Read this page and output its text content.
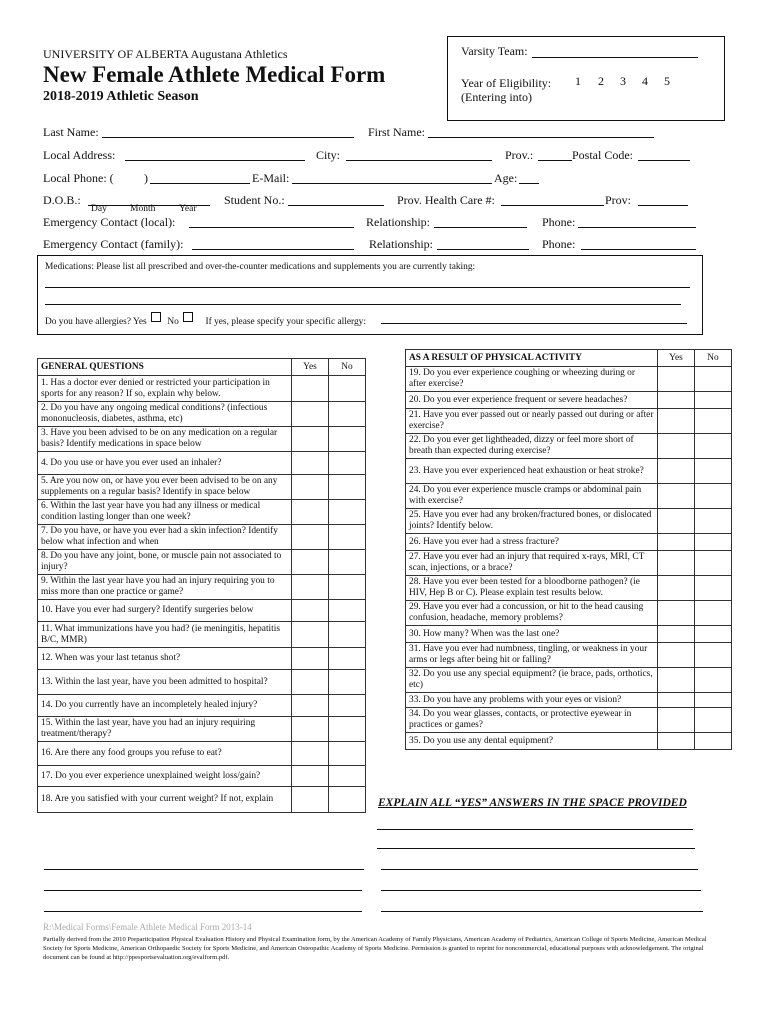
UNIVERSITY OF ALBERTA Augustana Athletics
New Female Athlete Medical Form
2018-2019 Athletic Season
Varsity Team:
Year of Eligibility: 1 2 3 4 5
(Entering into)
Last Name:	First Name:
Local Address:	City:	Prov.:	Postal Code:
Local Phone: (	)	E-Mail:	Age:
D.O.B.:
Day Month Year
Student No.:	Prov. Health Care #:	Prov:
Emergency Contact (local):	Relationship:	Phone:
Emergency Contact (family):	Relationship:	Phone:
Medications: Please list all prescribed and over-the-counter medications and supplements you are currently taking:
Do you have allergies? Yes No	If yes, please specify your specific allergy:
GENERAL QUESTIONS	Yes	No
1. Has a doctor ever denied or restricted your participation in sports for any reason? If so, explain why below.		
2. Do you have any ongoing medical conditions? (infectious mononucleosis, diabetes, asthma, etc)		
3. Have you been advised to be on any medication on a regular basis? Identify medications in space below		
4. Do you use or have you ever used an inhaler?		
5. Are you now on, or have you ever been advised to be on any supplements on a regular basis? Identify in space below		
6. Within the last year have you had any illness or medical condition lasting longer than one week?		
7. Do you have, or have you ever had a skin infection? Identify below what infection and when		
8. Do you have any joint, bone, or muscle pain not associated to injury?		
9. Within the last year have you had an injury requiring you to miss more than one practice or game?		
10. Have you ever had surgery? Identify surgeries below		
11. What immunizations have you had? (ie meningitis, hepatitis B/C, MMR)		
12. When was your last tetanus shot?		
13. Within the last year, have you been admitted to hospital?		
14. Do you currently have an incompletely healed injury?		
15. Within the last year, have you had an injury requiring treatment/therapy?		
16. Are there any food groups you refuse to eat?		
17. Do you ever experience unexplained weight loss/gain?		
18. Are you satisfied with your current weight? If not, explain		
AS A RESULT OF PHYSICAL ACTIVITY	Yes	No
19. Do you ever experience coughing or wheezing during or after exercise?		
20. Do you ever experience frequent or severe headaches?		
21. Have you ever passed out or nearly passed out during or after exercise?		
22. Do you ever get lightheaded, dizzy or feel more short of breath than expected during exercise?		
23. Have you ever experienced heat exhaustion or heat stroke?		
24. Do you ever experience muscle cramps or abdominal pain with exercise?		
25. Have you ever had any broken/fractured bones, or dislocated joints? Identify below.		
26. Have you ever had a stress fracture?		
27. Have you ever had an injury that required x-rays, MRI, CT scan, injections, or a brace?		
28. Have you ever been tested for a bloodborne pathogen? (ie HIV, Hep B or C). Please explain test results below.		
29. Have you ever had a concussion, or hit to the head causing confusion, headache, memory problems?		
30. How many? When was the last one?		
31. Have you ever had numbness, tingling, or weakness in your arms or legs after being hit or falling?		
32. Do you use any special equipment? (ie brace, pads, orthotics, etc)		
33. Do you have any problems with your eyes or vision?		
34. Do you wear glasses, contacts, or protective eyewear in practices or games?		
35. Do you use any dental equipment?		
EXPLAIN ALL “YES” ANSWERS IN THE SPACE PROVIDED
R:\Medical Forms\Female Athlete Medical Form 2013-14
Partially derived from the 2010 Preparticipation Physical Evaluation History and Physical Examination form, by the American Academy of Family Physicians, American Academy of Pediatrics, American College of Sports Medicine, American Medical Society for Sports Medicine, American Orthopaedic Society for Sports Medicine, and American Osteopathic Academy of Sports Medicine. Permission is granted to reprint for noncommercial, educational purposes with acknowledgement. The original document can be found at http://ppesportsevaluation.org/evalform.pdf.
